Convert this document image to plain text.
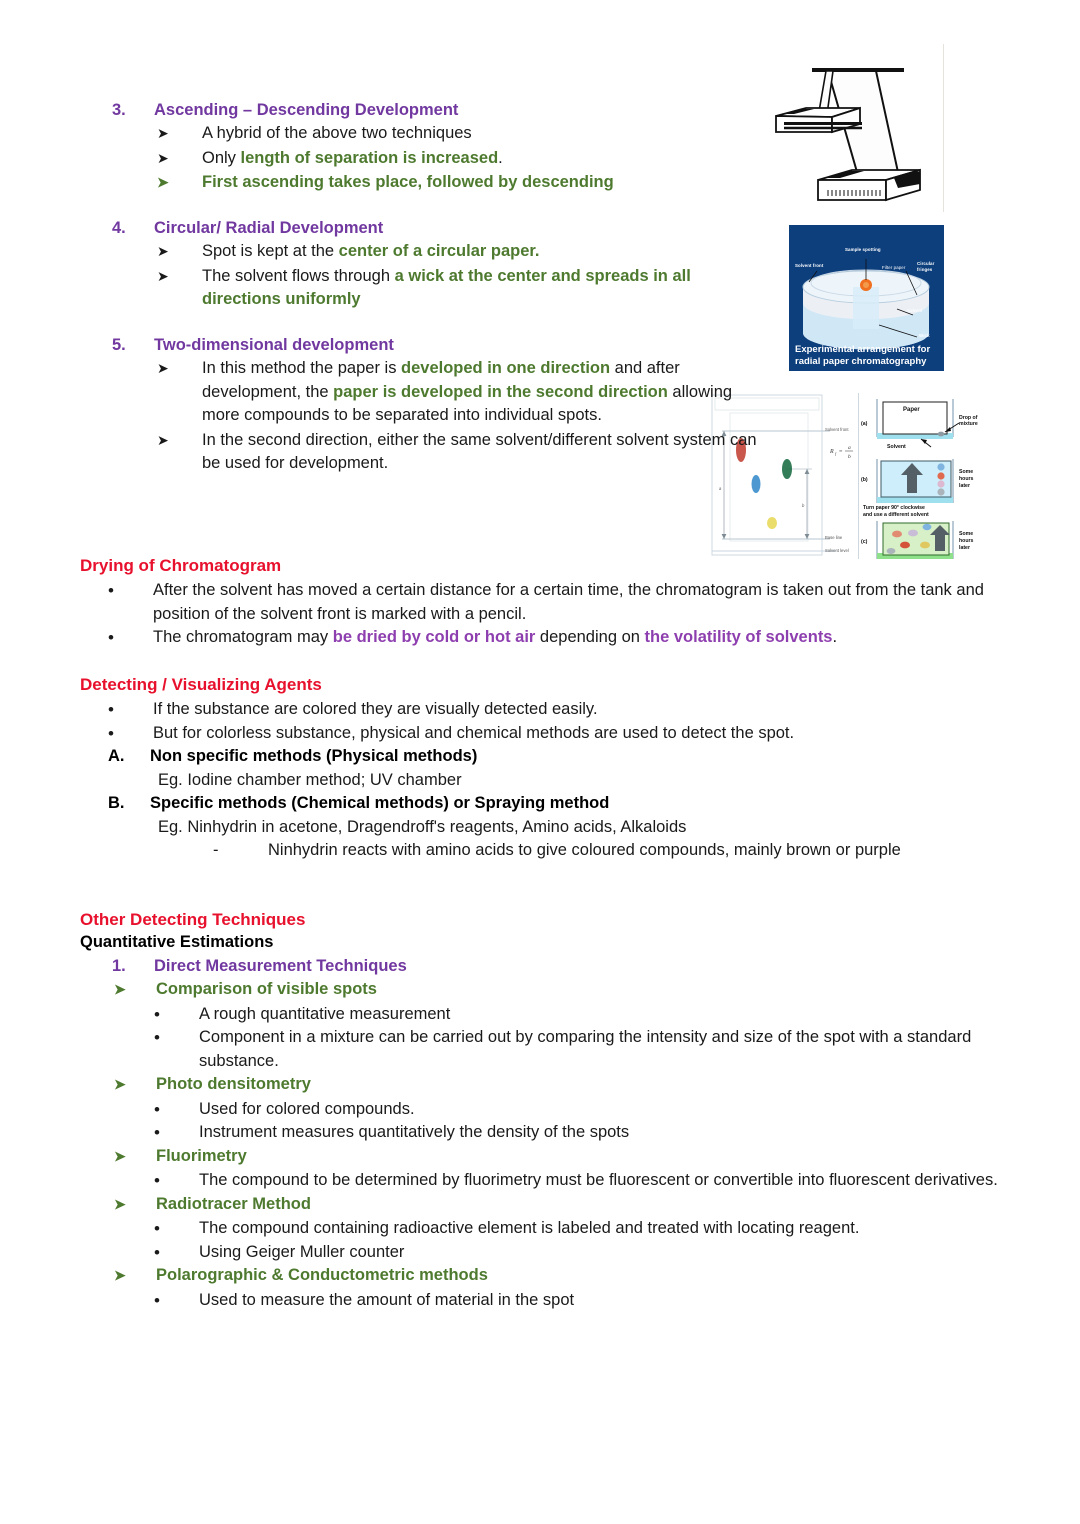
Sample spotting
Solvent front	Filter paper
Circular fringes
Solvent
Wick
Experimental arrangement for
radial paper chromatography
R f =
a
b
a
b
Solvent front
Base line
Solvent level
(a)
(b)
(c)
Paper
Drop of
mixture
Solvent
Some
hours
later
Turn paper 90° clockwise
and use a different solvent
Some
hours
later
3.	Ascending – Descending Development
➤	A hybrid of the above two techniques
➤	Only length of separation is increased.
➤	First ascending takes place, followed by descending
4.	Circular/ Radial Development
➤	Spot is kept at the center of a circular paper.
➤	The solvent flows through a wick at the center and spreads in all directions uniformly
5.	Two-dimensional development
➤	In this method the paper is developed in one direction and after development, the paper is developed in the second direction allowing more compounds to be separated into individual spots.
➤	In the second direction, either the same solvent/different solvent system can be used for development.
Drying of Chromatogram
•	After the solvent has moved a certain distance for a certain time, the chromatogram is taken out from the tank and position of the solvent front is marked with a pencil.
•	The chromatogram may be dried by cold or hot air depending on the volatility of solvents.
Detecting / Visualizing Agents
•	If the substance are colored they are visually detected easily.
•	But for colorless substance, physical and chemical methods are used to detect the spot.
A.	Non specific methods (Physical methods)
Eg. Iodine chamber method; UV chamber
B.	Specific methods (Chemical methods) or Spraying method
Eg. Ninhydrin in acetone, Dragendroff's reagents, Amino acids, Alkaloids
-	Ninhydrin reacts with amino acids to give coloured compounds, mainly brown or purple
Other Detecting Techniques
Quantitative Estimations
1.	Direct Measurement Techniques
➤	Comparison of visible spots
•	A rough quantitative measurement
•	Component in a mixture can be carried out by comparing the intensity and size of the spot with a standard substance.
➤	Photo densitometry
•	Used for colored compounds.
•	Instrument measures quantitatively the density of the spots
➤	Fluorimetry
•	The compound to be determined by fluorimetry must be fluorescent or convertible into fluorescent derivatives.
➤	Radiotracer Method
•	The compound containing radioactive element is labeled and treated with locating reagent.
•	Using Geiger Muller counter
➤	Polarographic & Conductometric methods
•	Used to measure the amount of material in the spot
